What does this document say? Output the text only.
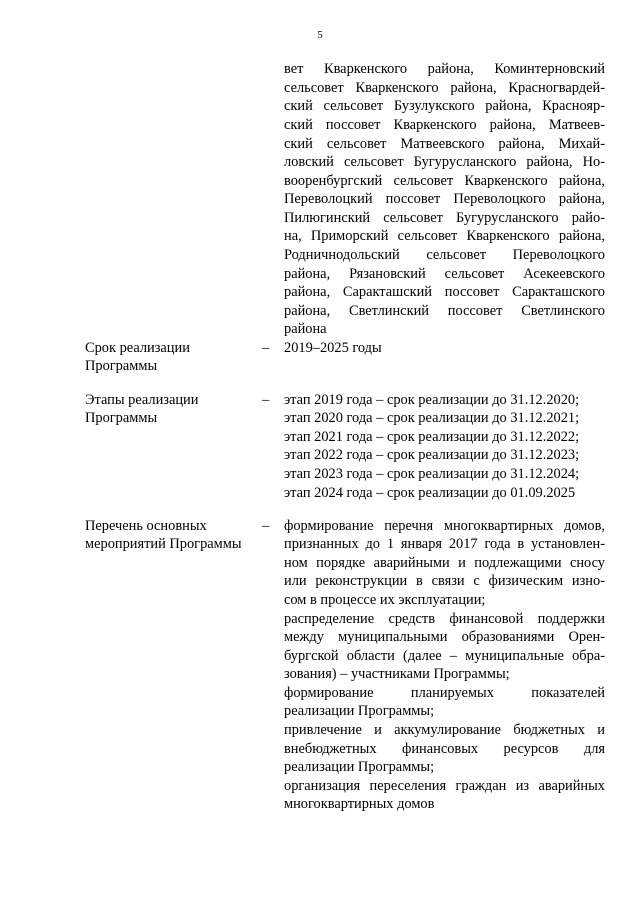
5
вет Кваркенского района, Коминтерновский
сельсовет Кваркенского района, Красногвардей-
ский сельсовет Бузулукского района, Краснояр-
ский поссовет Кваркенского района, Матвеев-
ский сельсовет Матвеевского района, Михай-
ловский сельсовет Бугурусланского района, Но-
вооренбургский сельсовет Кваркенского района,
Переволоцкий поссовет Переволоцкого района,
Пилюгинский сельсовет Бугурусланского райо-
на, Приморский сельсовет Кваркенского района,
Родничнодольский сельсовет Переволоцкого
района, Рязановский сельсовет Асекеевского
района, Саракташский поссовет Саракташского
района, Светлинский поссовет Светлинского
района
Срок реализации
Программы
– 2019–2025 годы
Этапы реализации
Программы
– этап 2019 года – срок реализации до 31.12.2020;
этап 2020 года – срок реализации до 31.12.2021;
этап 2021 года – срок реализации до 31.12.2022;
этап 2022 года – срок реализации до 31.12.2023;
этап 2023 года – срок реализации до 31.12.2024;
этап 2024 года – срок реализации до 01.09.2025
Перечень основных
мероприятий Программы
– формирование перечня многоквартирных домов,
признанных до 1 января 2017 года в установлен-
ном порядке аварийными и подлежащими сносу
или реконструкции в связи с физическим изно-
сом в процессе их эксплуатации;
распределение средств финансовой поддержки
между муниципальными образованиями Орен-
бургской области (далее – муниципальные обра-
зования) – участниками Программы;
формирование планируемых показателей
реализации Программы;
привлечение и аккумулирование бюджетных и
внебюджетных финансовых ресурсов для
реализации Программы;
организация переселения граждан из аварийных
многоквартирных домов
